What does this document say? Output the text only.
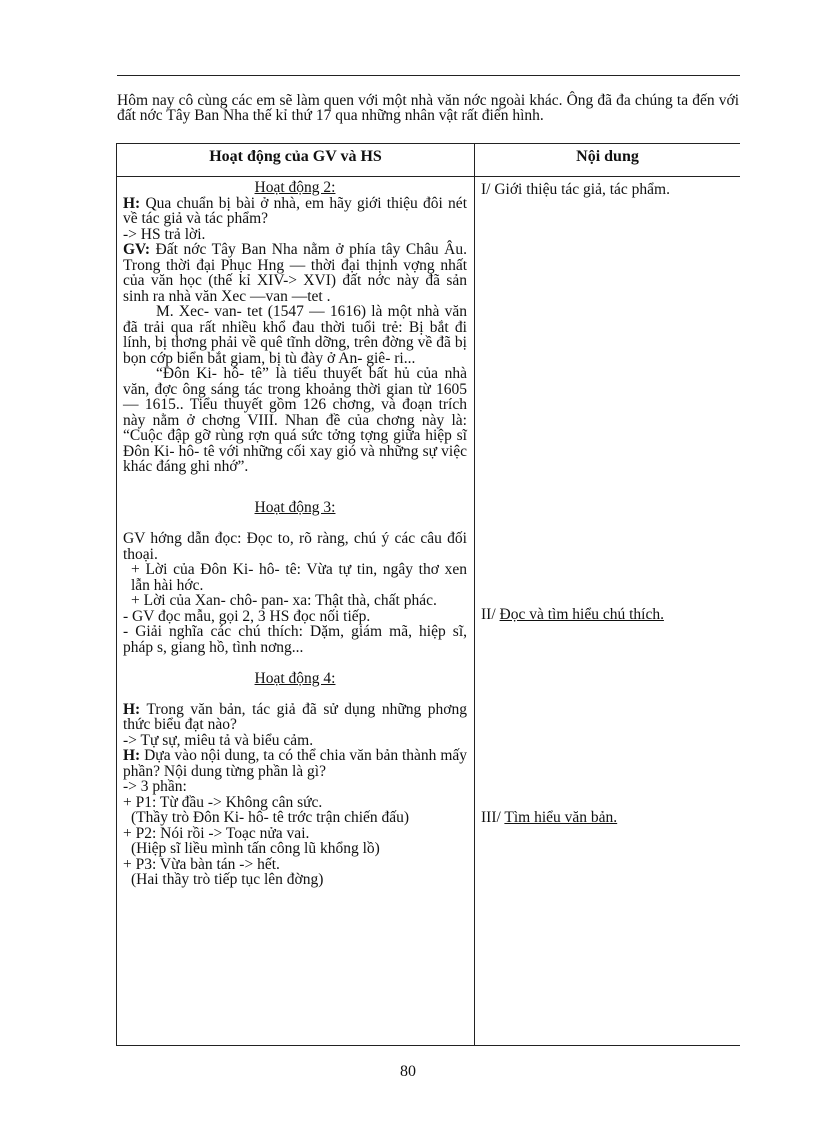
Hôm nay cô cùng các em sẽ làm quen với một nhà văn nớc ngoài khác. Ông đã đa chúng ta đến với đất nớc Tây Ban Nha thế kỉ thứ 17 qua những nhân vật rất điển hình.

Hoạt động của GV và HS	Nội dung

Hoạt động 2:

H: Qua chuẩn bị bài ở nhà, em hãy giới thiệu đôi nét về tác giả và tác phẩm?

-> HS trả lời.

GV: Đất nớc Tây Ban Nha nằm ở phía tây Châu Âu. Trong thời đại Phục Hng — thời đại thịnh vợng nhất của văn học (thế kỉ XIV-> XVI) đất nớc này đã sản sinh ra nhà văn Xec —van —tet .

M. Xec- van- tet (1547 — 1616) là một nhà văn đã trải qua rất nhiều khổ đau thời tuổi trẻ: Bị bắt đi lính, bị thơng phải về quê tĩnh dỡng, trên đờng về đã bị bọn cớp biển bắt giam, bị tù đày ở An- giê- ri...

“Đôn Ki- hô- tê” là tiểu thuyết bất hủ của nhà văn, đợc ông sáng tác trong khoảng thời gian từ 1605 — 1615.. Tiểu thuyết gồm 126 chơng, và đoạn trích này nằm ở chơng VIII. Nhan đề của chơng này là: “Cuộc đập gỡ rùng rợn quá sức tởng tợng giữa hiệp sĩ Đôn Ki- hô- tê với những cối xay gió và những sự việc khác đáng ghi nhớ”.

Hoạt động 3:

GV hớng dẫn đọc: Đọc to, rõ ràng, chú ý các câu đối thoại.

+ Lời của Đôn Ki- hô- tê: Vừa tự tin, ngây thơ xen lẫn hài hớc.

+ Lời của Xan- chô- pan- xa: Thật thà, chất phác.

- GV đọc mẫu, gọi 2, 3 HS đọc nối tiếp.

- Giải nghĩa các chú thích: Dặm, giám mã, hiệp sĩ, pháp s, giang hồ, tình nơng...

Hoạt động 4:

H: Trong văn bản, tác giả đã sử dụng những phơng thức biểu đạt nào?

-> Tự sự, miêu tả và biểu cảm.

H: Dựa vào nội dung, ta có thể chia văn bản thành mấy phần? Nội dung từng phần là gì?

-> 3 phần:

+ P1: Từ đầu -> Không cân sức.

(Thầy trò Đôn Ki- hô- tê trớc trận chiến đấu)

+ P2: Nói rồi -> Toạc nửa vai.

(Hiệp sĩ liều mình tấn công lũ khổng lồ)

+ P3: Vừa bàn tán -> hết.

(Hai thầy trò tiếp tục lên đờng)

I/ Giới thiệu tác giả, tác phẩm.
II/ Đọc và tìm hiểu chú thích.
III/ Tìm hiểu văn bản.
80
